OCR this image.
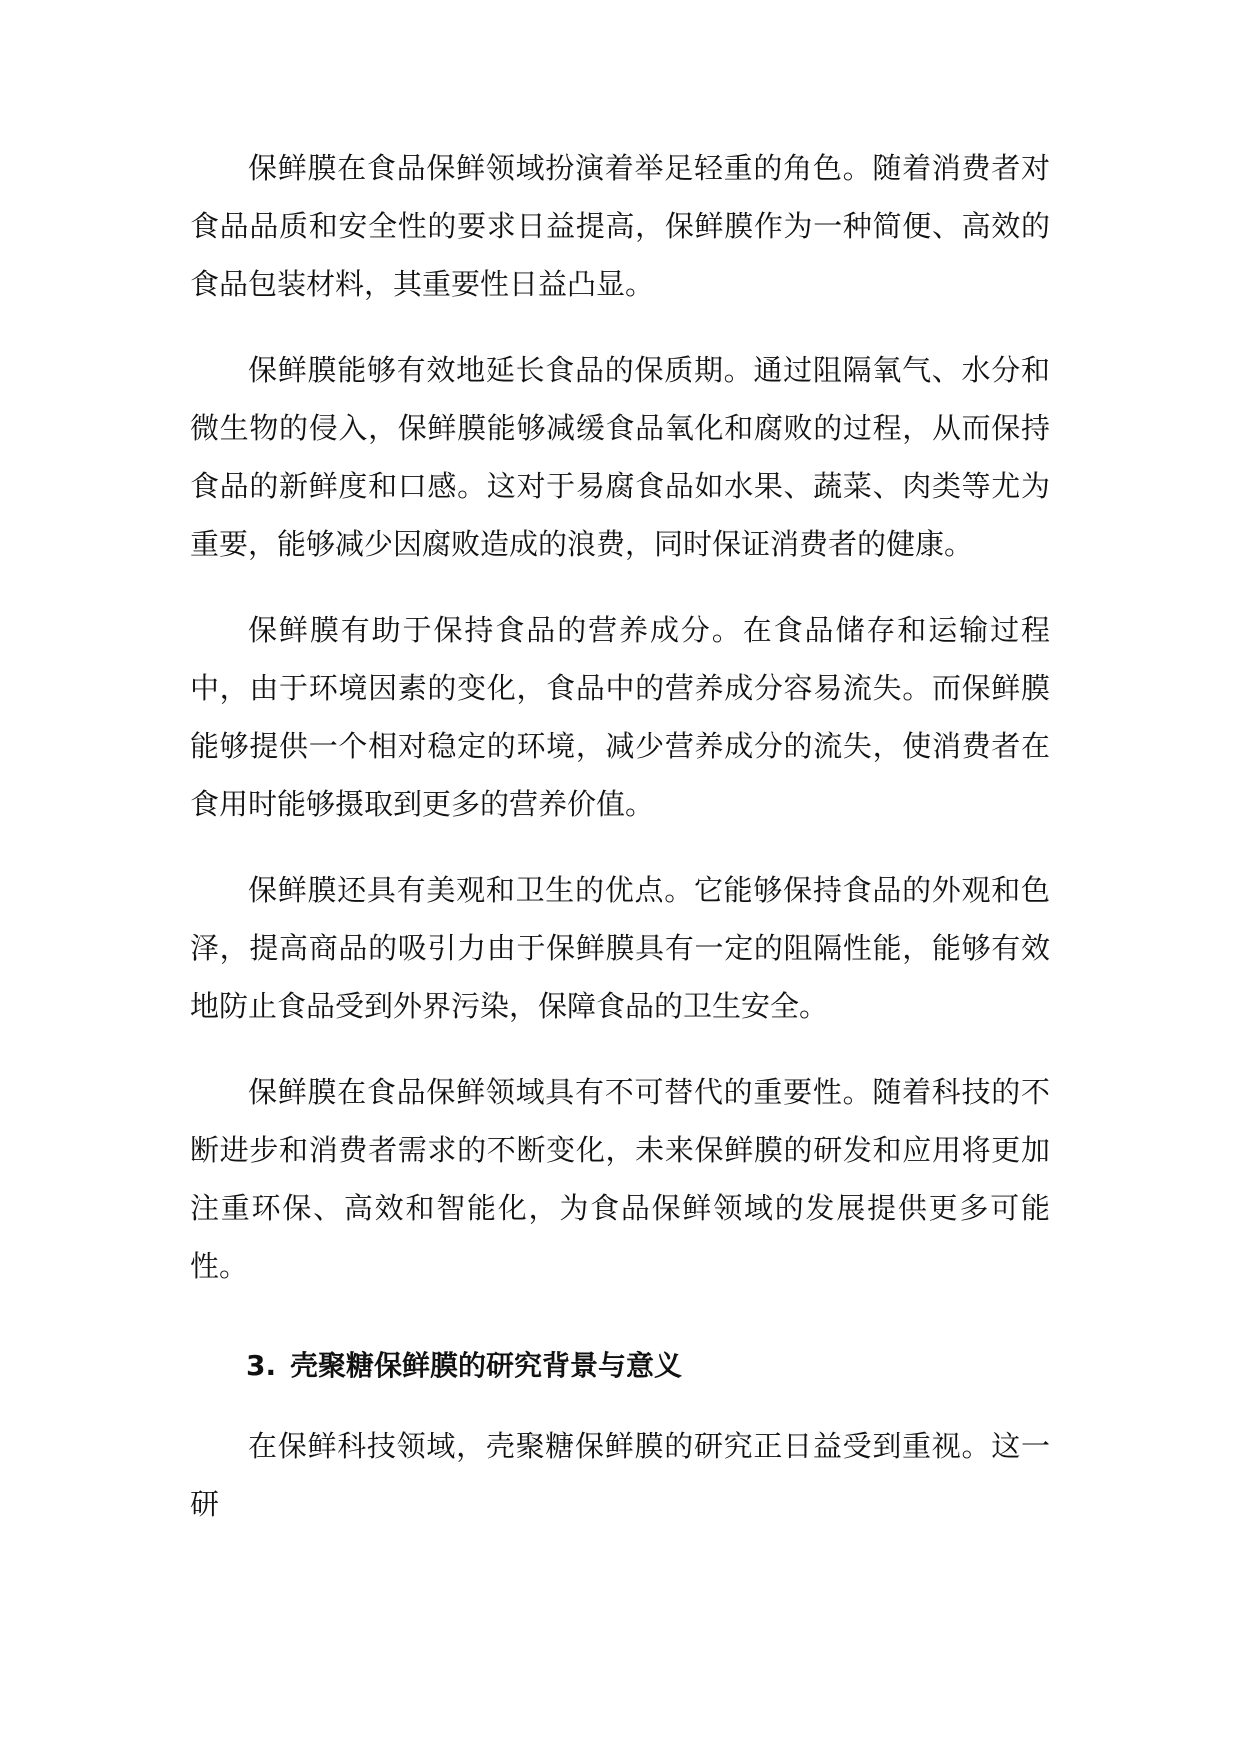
保鲜膜在食品保鲜领域扮演着举足轻重的角色。随着消费者对食品品质和安全性的要求日益提高，保鲜膜作为一种简便、高效的食品包装材料，其重要性日益凸显。

保鲜膜能够有效地延长食品的保质期。通过阻隔氧气、水分和微生物的侵入，保鲜膜能够减缓食品氧化和腐败的过程，从而保持食品的新鲜度和口感。这对于易腐食品如水果、蔬菜、肉类等尤为重要，能够减少因腐败造成的浪费，同时保证消费者的健康。

保鲜膜有助于保持食品的营养成分。在食品储存和运输过程中，由于环境因素的变化，食品中的营养成分容易流失。而保鲜膜能够提供一个相对稳定的环境，减少营养成分的流失，使消费者在食用时能够摄取到更多的营养价值。

保鲜膜还具有美观和卫生的优点。它能够保持食品的外观和色泽，提高商品的吸引力由于保鲜膜具有一定的阻隔性能，能够有效地防止食品受到外界污染，保障食品的卫生安全。

保鲜膜在食品保鲜领域具有不可替代的重要性。随着科技的不断进步和消费者需求的不断变化，未来保鲜膜的研发和应用将更加注重环保、高效和智能化，为食品保鲜领域的发展提供更多可能性。

3. 壳聚糖保鲜膜的研究背景与意义

在保鲜科技领域，壳聚糖保鲜膜的研究正日益受到重视。这一研
